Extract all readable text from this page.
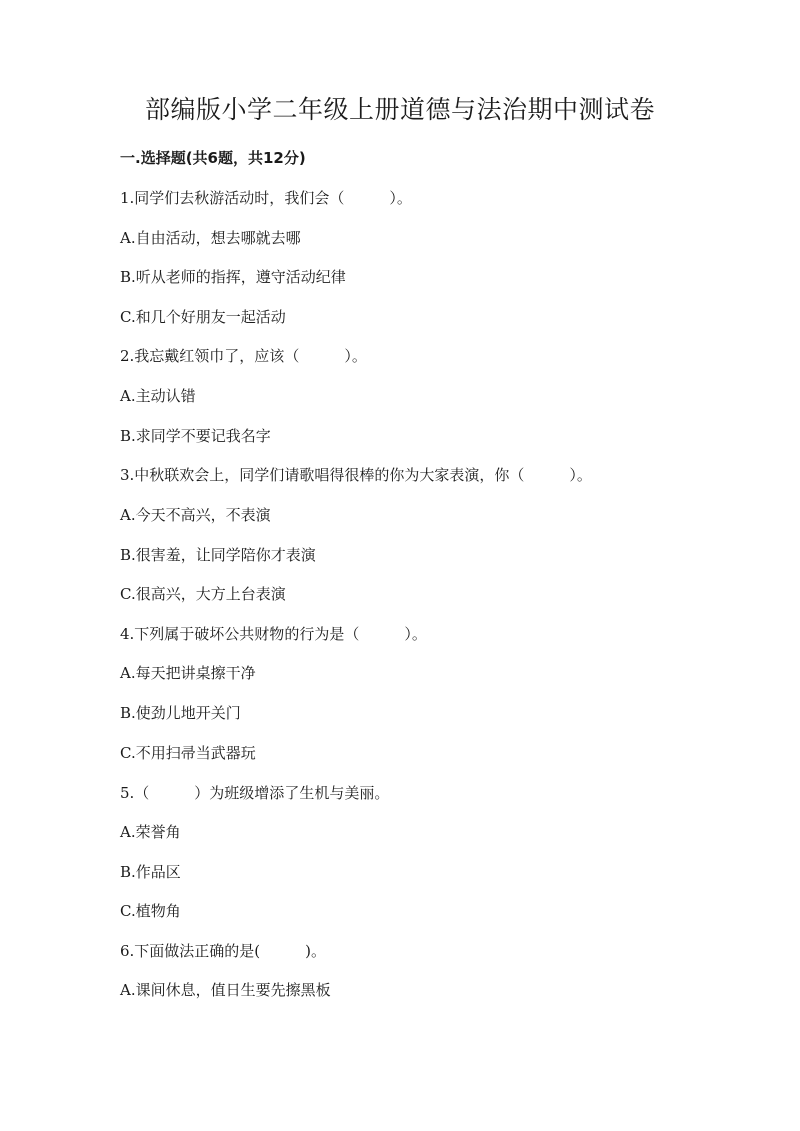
部编版小学二年级上册道德与法治期中测试卷
一.选择题(共6题，共12分)
1.同学们去秋游活动时，我们会（　　　）。
A.自由活动，想去哪就去哪
B.听从老师的指挥，遵守活动纪律
C.和几个好朋友一起活动
2.我忘戴红领巾了，应该（　　　）。
A.主动认错
B.求同学不要记我名字
3.中秋联欢会上，同学们请歌唱得很棒的你为大家表演，你（　　　）。
A.今天不高兴，不表演
B.很害羞，让同学陪你才表演
C.很高兴，大方上台表演
4.下列属于破坏公共财物的行为是（　　　）。
A.每天把讲桌擦干净
B.使劲儿地开关门
C.不用扫帚当武器玩
5.（　　　）为班级增添了生机与美丽。
A.荣誉角
B.作品区
C.植物角
6.下面做法正确的是(　　　)。
A.课间休息，值日生要先擦黑板
